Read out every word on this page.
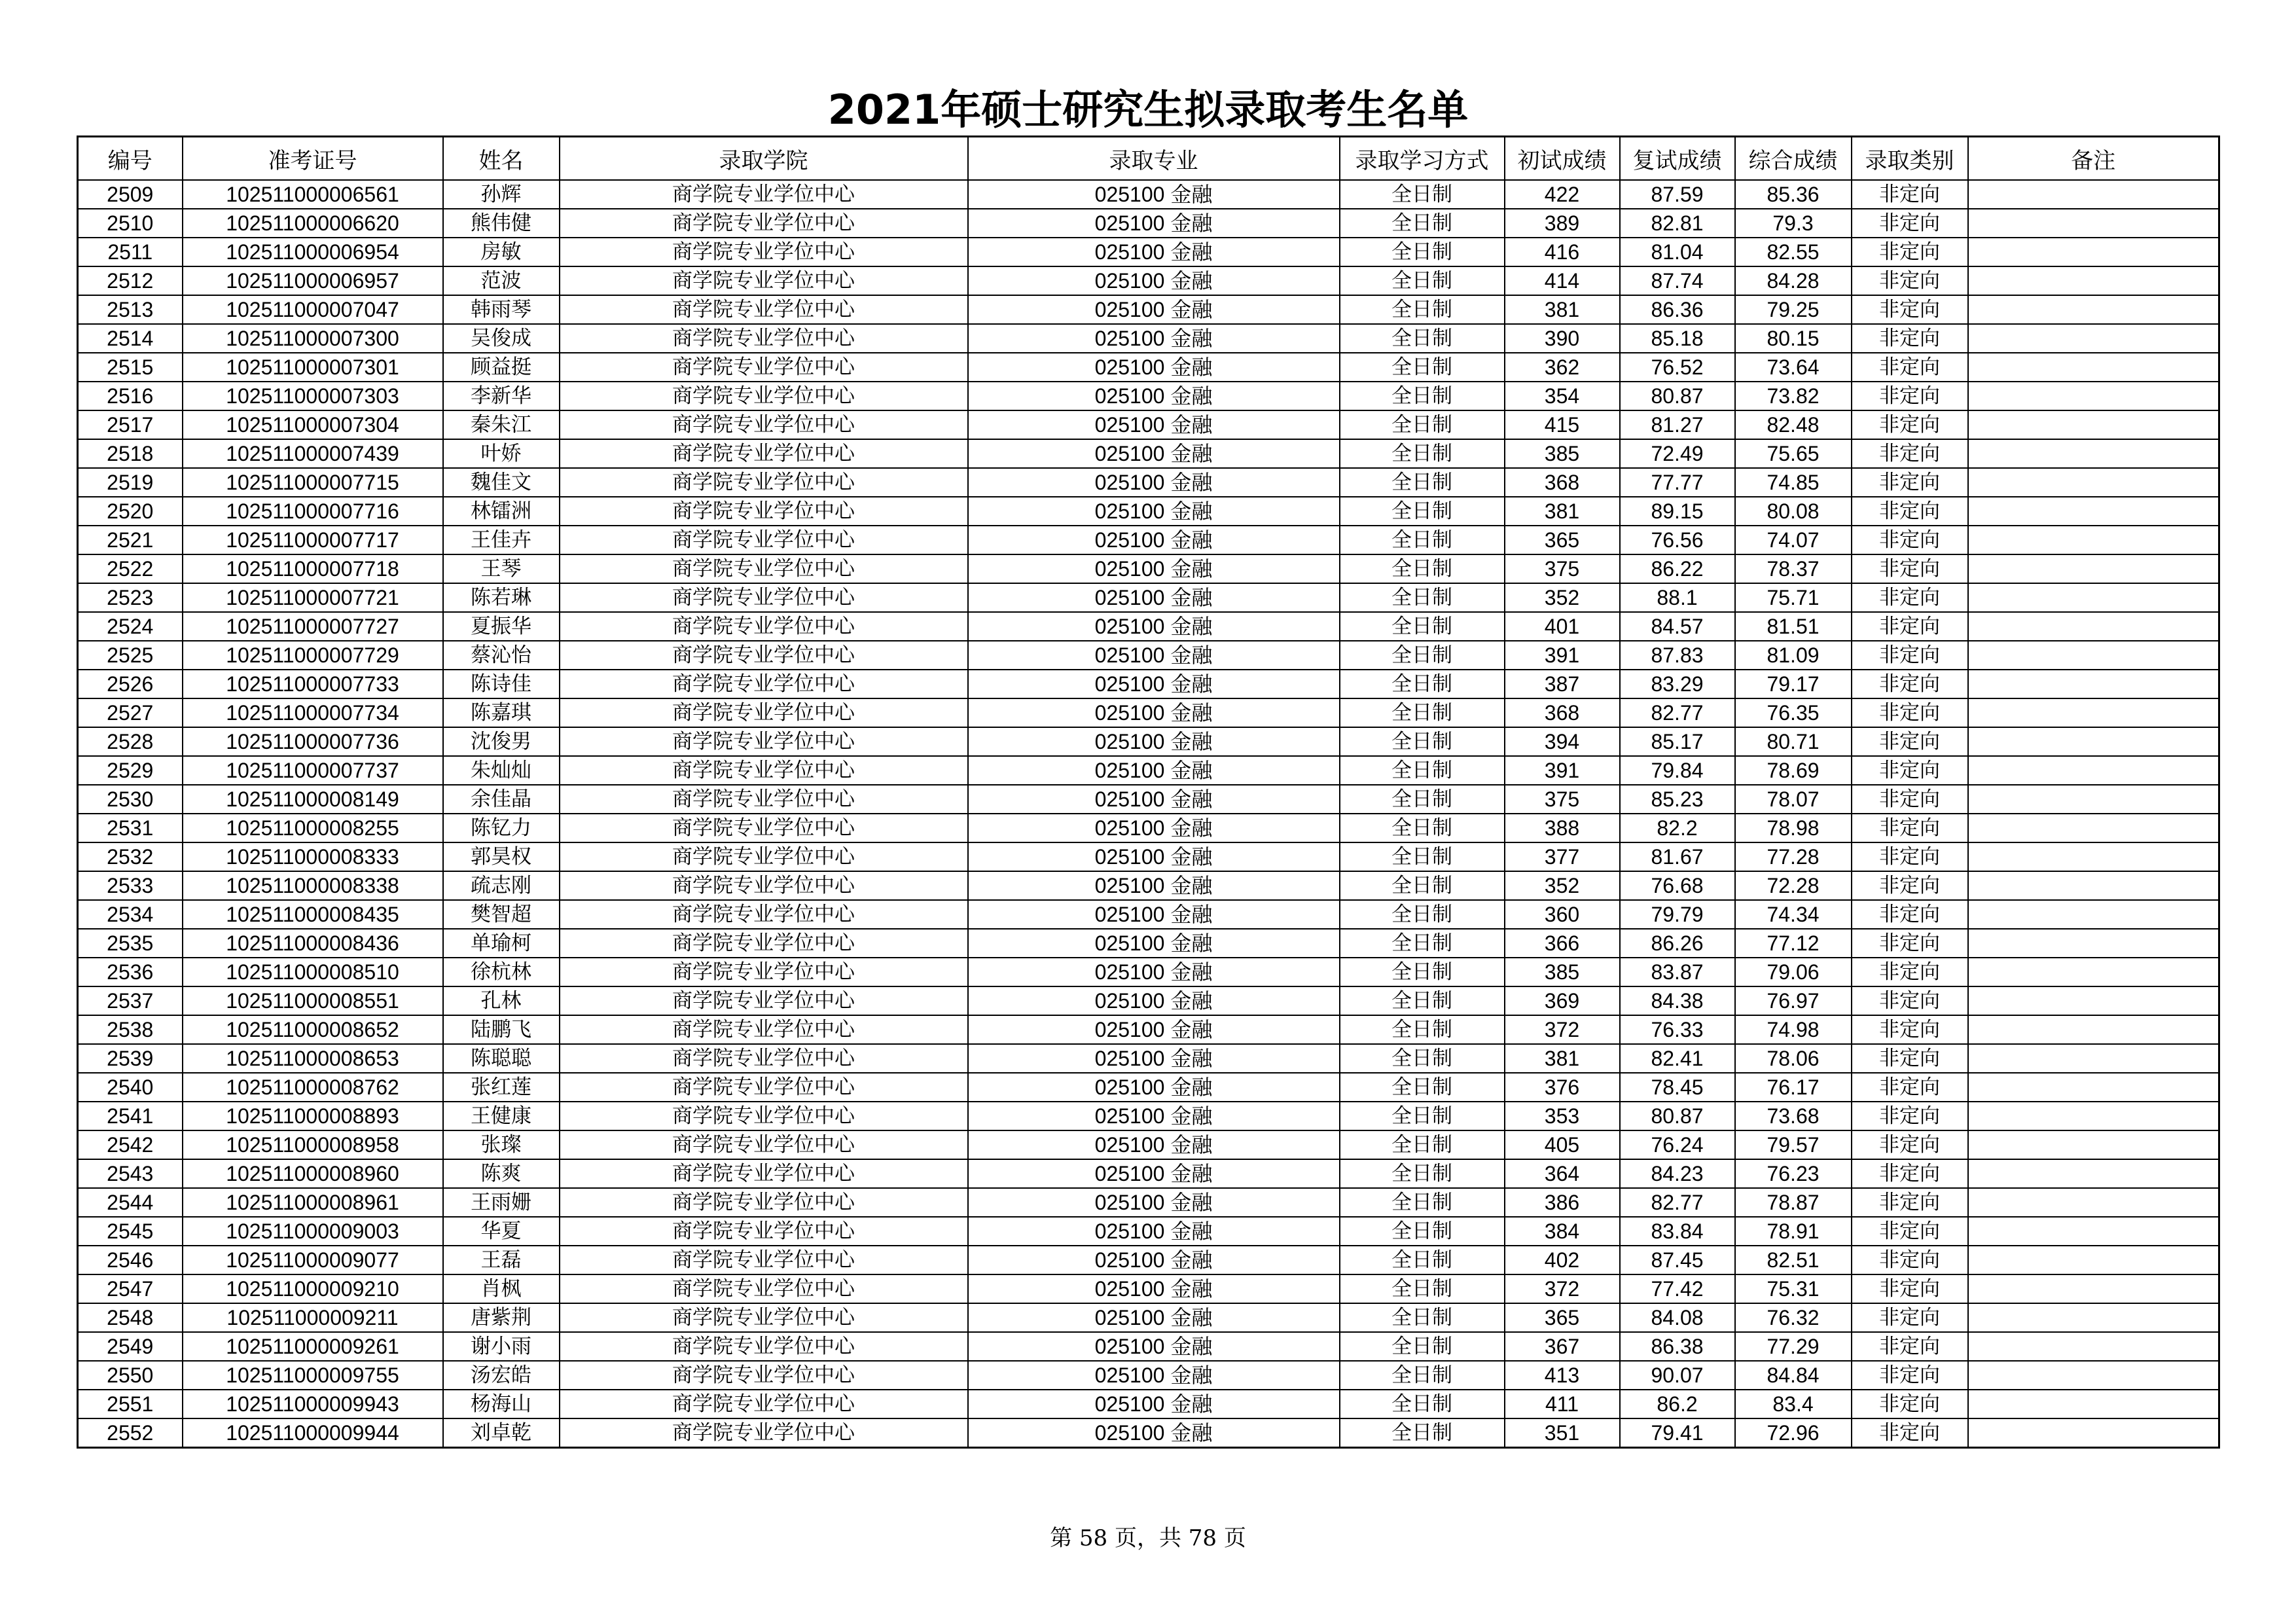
2021年硕士研究生拟录取考生名单
编号	准考证号	姓名	录取学院	录取专业	录取学习方式	初试成绩	复试成绩	综合成绩	录取类别	备注
2509	102511000006561	孙辉	商学院专业学位中心	025100 金融	全日制	422	87.59	85.36	非定向	
2510	102511000006620	熊伟健	商学院专业学位中心	025100 金融	全日制	389	82.81	79.3	非定向	
2511	102511000006954	房敏	商学院专业学位中心	025100 金融	全日制	416	81.04	82.55	非定向	
2512	102511000006957	范波	商学院专业学位中心	025100 金融	全日制	414	87.74	84.28	非定向	
2513	102511000007047	韩雨琴	商学院专业学位中心	025100 金融	全日制	381	86.36	79.25	非定向	
2514	102511000007300	吴俊成	商学院专业学位中心	025100 金融	全日制	390	85.18	80.15	非定向	
2515	102511000007301	顾益挺	商学院专业学位中心	025100 金融	全日制	362	76.52	73.64	非定向	
2516	102511000007303	李新华	商学院专业学位中心	025100 金融	全日制	354	80.87	73.82	非定向	
2517	102511000007304	秦朱江	商学院专业学位中心	025100 金融	全日制	415	81.27	82.48	非定向	
2518	102511000007439	叶娇	商学院专业学位中心	025100 金融	全日制	385	72.49	75.65	非定向	
2519	102511000007715	魏佳文	商学院专业学位中心	025100 金融	全日制	368	77.77	74.85	非定向	
2520	102511000007716	林镭洲	商学院专业学位中心	025100 金融	全日制	381	89.15	80.08	非定向	
2521	102511000007717	王佳卉	商学院专业学位中心	025100 金融	全日制	365	76.56	74.07	非定向	
2522	102511000007718	王琴	商学院专业学位中心	025100 金融	全日制	375	86.22	78.37	非定向	
2523	102511000007721	陈若琳	商学院专业学位中心	025100 金融	全日制	352	88.1	75.71	非定向	
2524	102511000007727	夏振华	商学院专业学位中心	025100 金融	全日制	401	84.57	81.51	非定向	
2525	102511000007729	蔡沁怡	商学院专业学位中心	025100 金融	全日制	391	87.83	81.09	非定向	
2526	102511000007733	陈诗佳	商学院专业学位中心	025100 金融	全日制	387	83.29	79.17	非定向	
2527	102511000007734	陈嘉琪	商学院专业学位中心	025100 金融	全日制	368	82.77	76.35	非定向	
2528	102511000007736	沈俊男	商学院专业学位中心	025100 金融	全日制	394	85.17	80.71	非定向	
2529	102511000007737	朱灿灿	商学院专业学位中心	025100 金融	全日制	391	79.84	78.69	非定向	
2530	102511000008149	余佳晶	商学院专业学位中心	025100 金融	全日制	375	85.23	78.07	非定向	
2531	102511000008255	陈钇力	商学院专业学位中心	025100 金融	全日制	388	82.2	78.98	非定向	
2532	102511000008333	郭昊权	商学院专业学位中心	025100 金融	全日制	377	81.67	77.28	非定向	
2533	102511000008338	疏志刚	商学院专业学位中心	025100 金融	全日制	352	76.68	72.28	非定向	
2534	102511000008435	樊智超	商学院专业学位中心	025100 金融	全日制	360	79.79	74.34	非定向	
2535	102511000008436	单瑜柯	商学院专业学位中心	025100 金融	全日制	366	86.26	77.12	非定向	
2536	102511000008510	徐杭林	商学院专业学位中心	025100 金融	全日制	385	83.87	79.06	非定向	
2537	102511000008551	孔林	商学院专业学位中心	025100 金融	全日制	369	84.38	76.97	非定向	
2538	102511000008652	陆鹏飞	商学院专业学位中心	025100 金融	全日制	372	76.33	74.98	非定向	
2539	102511000008653	陈聪聪	商学院专业学位中心	025100 金融	全日制	381	82.41	78.06	非定向	
2540	102511000008762	张红莲	商学院专业学位中心	025100 金融	全日制	376	78.45	76.17	非定向	
2541	102511000008893	王健康	商学院专业学位中心	025100 金融	全日制	353	80.87	73.68	非定向	
2542	102511000008958	张璨	商学院专业学位中心	025100 金融	全日制	405	76.24	79.57	非定向	
2543	102511000008960	陈爽	商学院专业学位中心	025100 金融	全日制	364	84.23	76.23	非定向	
2544	102511000008961	王雨姗	商学院专业学位中心	025100 金融	全日制	386	82.77	78.87	非定向	
2545	102511000009003	华夏	商学院专业学位中心	025100 金融	全日制	384	83.84	78.91	非定向	
2546	102511000009077	王磊	商学院专业学位中心	025100 金融	全日制	402	87.45	82.51	非定向	
2547	102511000009210	肖枫	商学院专业学位中心	025100 金融	全日制	372	77.42	75.31	非定向	
2548	102511000009211	唐紫荆	商学院专业学位中心	025100 金融	全日制	365	84.08	76.32	非定向	
2549	102511000009261	谢小雨	商学院专业学位中心	025100 金融	全日制	367	86.38	77.29	非定向	
2550	102511000009755	汤宏皓	商学院专业学位中心	025100 金融	全日制	413	90.07	84.84	非定向	
2551	102511000009943	杨海山	商学院专业学位中心	025100 金融	全日制	411	86.2	83.4	非定向	
2552	102511000009944	刘卓乾	商学院专业学位中心	025100 金融	全日制	351	79.41	72.96	非定向	
第 58 页，共 78 页
